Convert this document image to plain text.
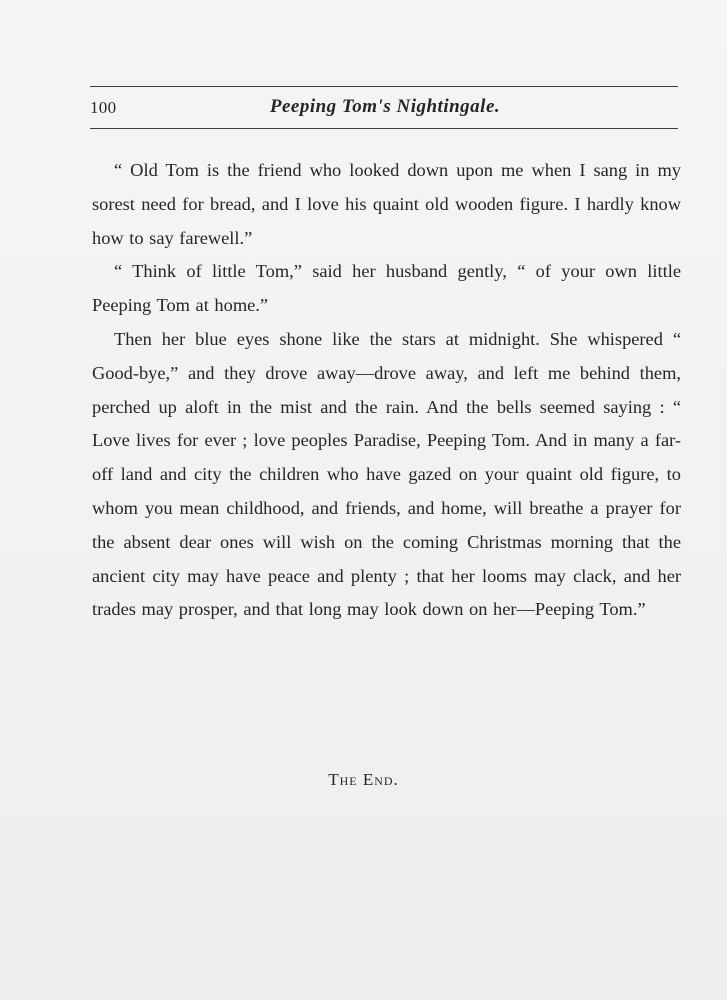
100	Peeping Tom's Nightingale.

“ Old Tom is the friend who looked down upon me when I sang in my sorest need for bread, and I love his quaint old wooden figure. I hardly know how to say farewell.”

“ Think of little Tom,” said her husband gently, “ of your own little Peeping Tom at home.”

Then her blue eyes shone like the stars at midnight. She whispered “ Good-bye,” and they drove away—drove away, and left me behind them, perched up aloft in the mist and the rain. And the bells seemed saying : “ Love lives for ever ; love peoples Paradise, Peeping Tom. And in many a far-off land and city the children who have gazed on your quaint old figure, to whom you mean childhood, and friends, and home, will breathe a prayer for the absent dear ones will wish on the coming Christmas morning that the ancient city may have peace and plenty ; that her looms may clack, and her trades may prosper, and that long may look down on her—Peeping Tom.”

The End.
